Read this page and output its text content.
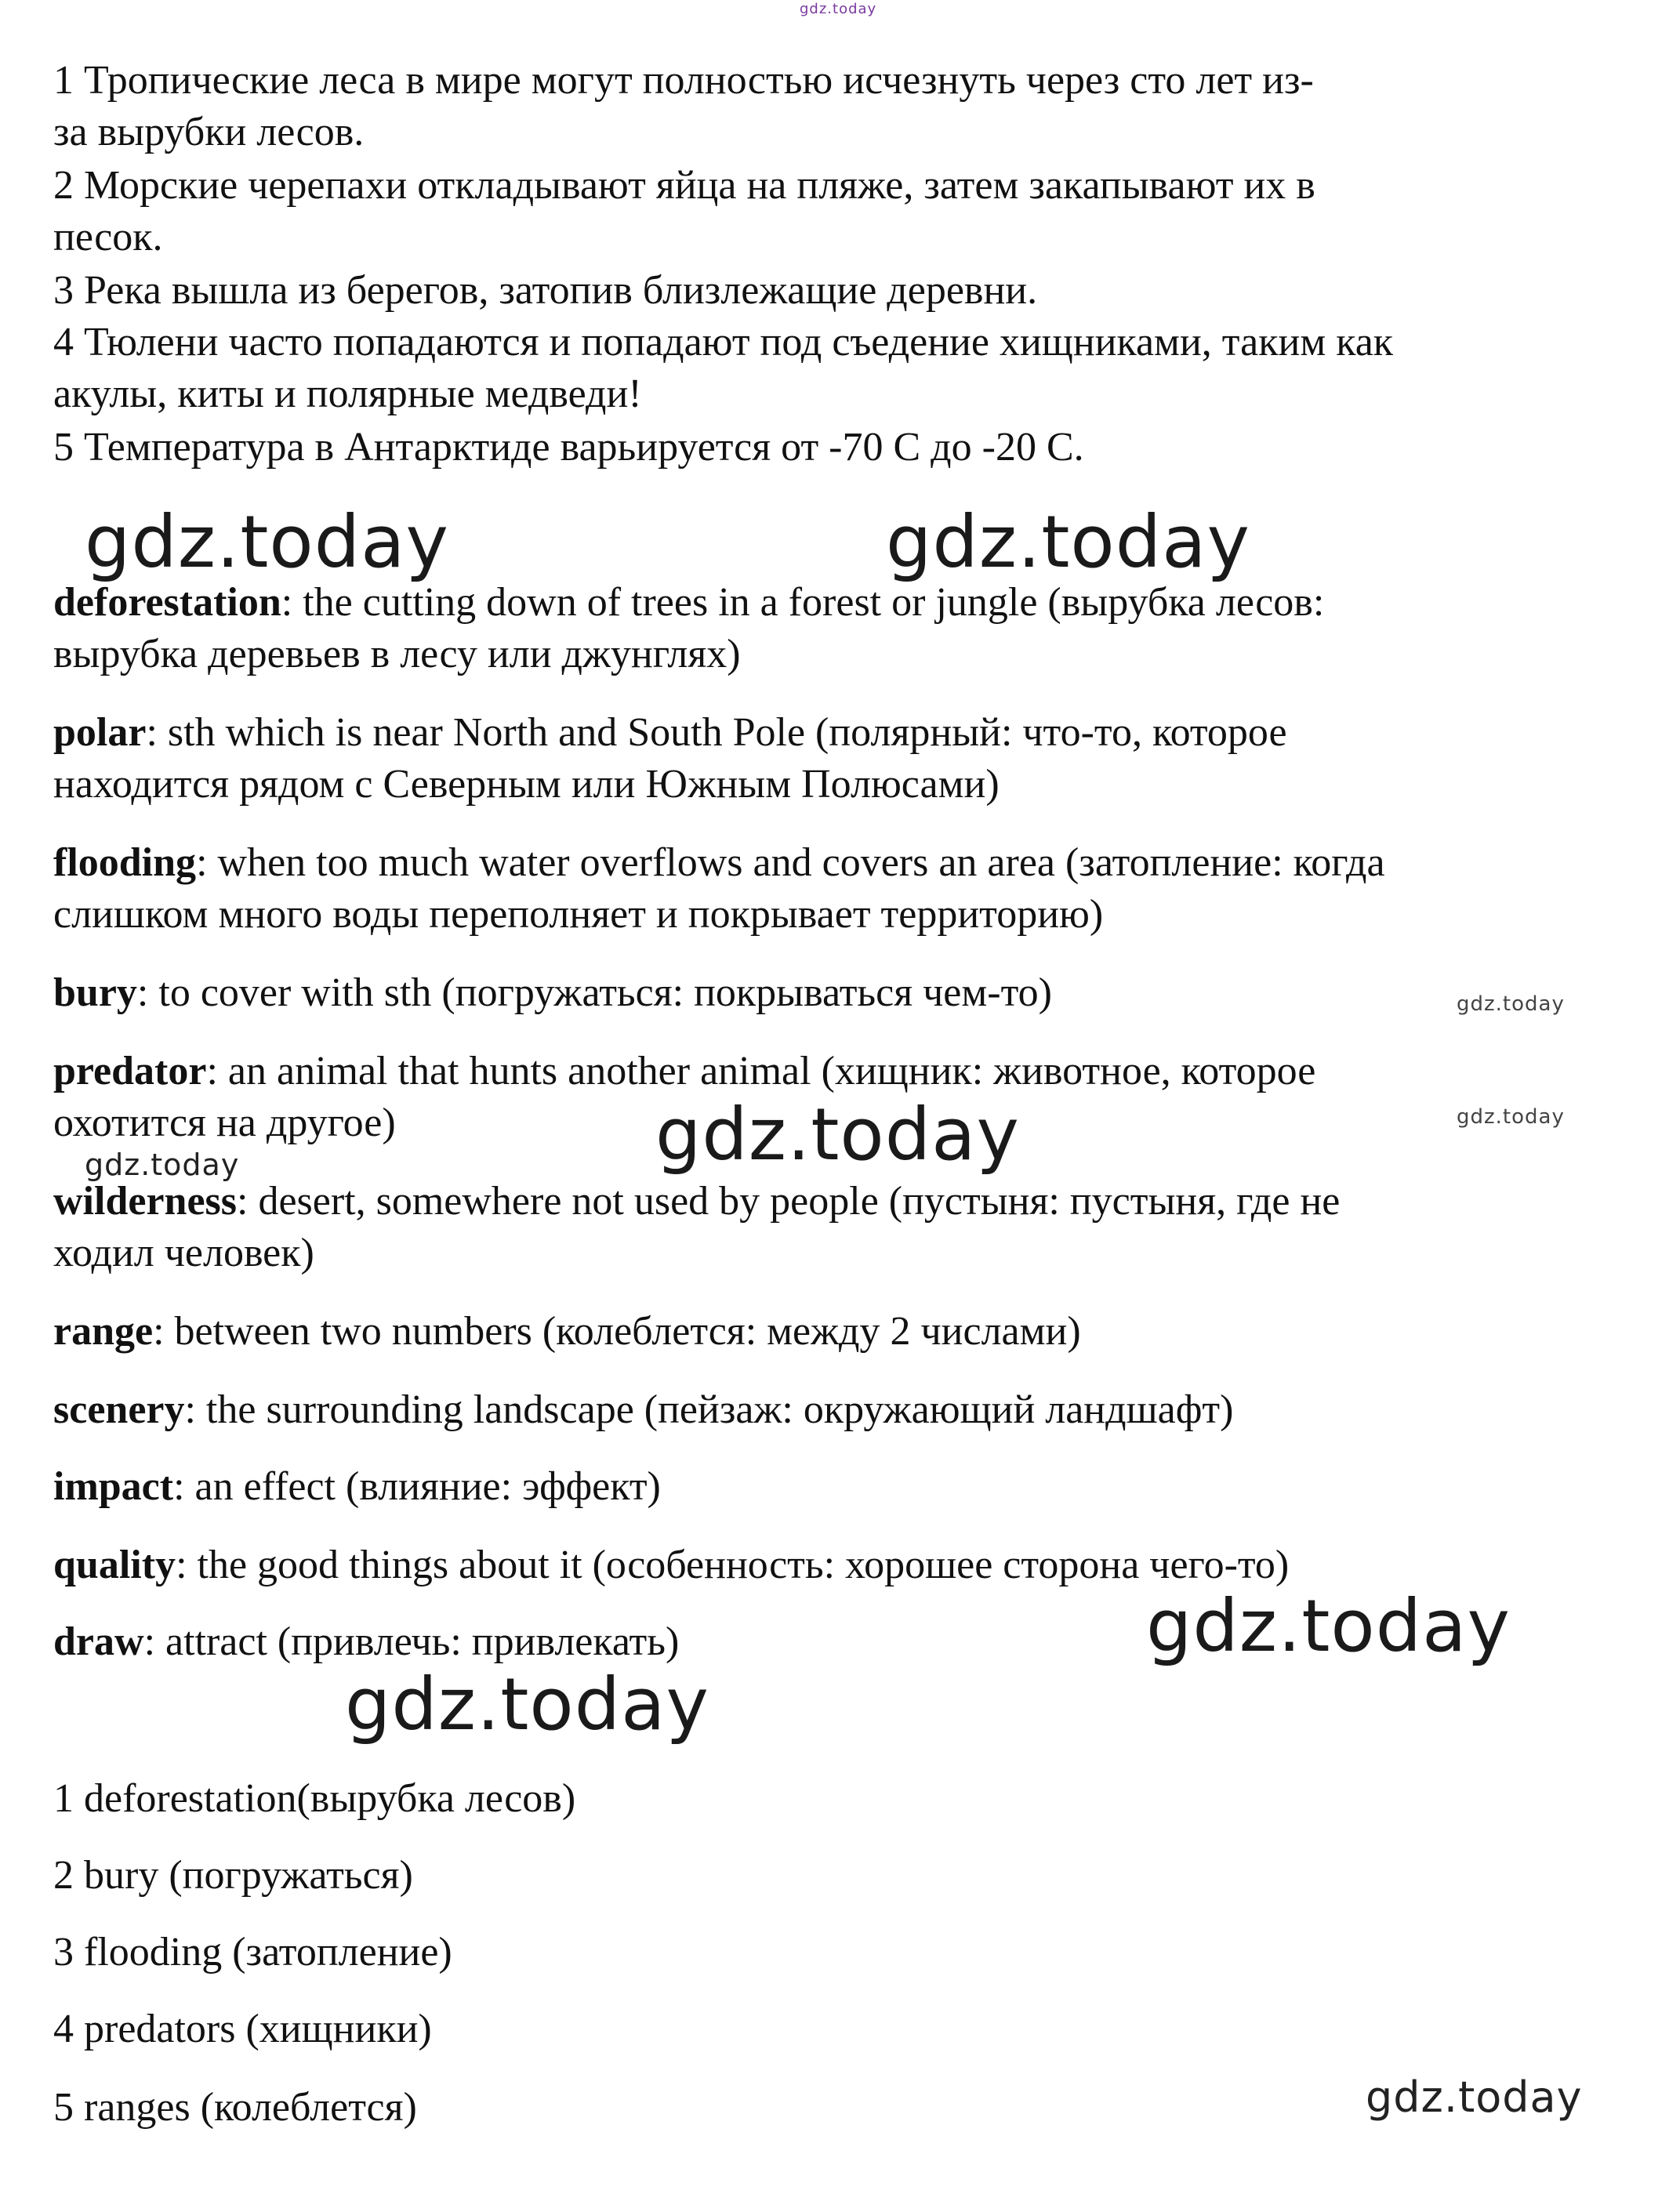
gdz.today
gdz.today	gdz.today
gdz.today
gdz.today
gdz.today
gdz.today
gdz.today
gdz.today
gdz.today

1 Тропические леса в мире могут полностью исчезнуть через сто лет из-

за вырубки лесов.

2 Морские черепахи откладывают яйца на пляже, затем закапывают их в

песок.

3 Река вышла из берегов, затопив близлежащие деревни.

4 Тюлени часто попадаются и попадают под съедение хищниками, таким как

акулы, киты и полярные медведи!

5 Температура в Антарктиде варьируется от -70 C до -20 C.

deforestation: the cutting down of trees in a forest or jungle (вырубка лесов:

вырубка деревьев в лесу или джунглях)

polar: sth which is near North and South Pole (полярный: что-то, которое

находится рядом с Северным или Южным Полюсами)

flooding: when too much water overflows and covers an area (затопление: когда

слишком много воды переполняет и покрывает территорию)

bury: to cover with sth (погружаться: покрываться чем-то)

predator: an animal that hunts another animal (хищник: животное, которое

охотится на другое)

wilderness: desert, somewhere not used by people (пустыня: пустыня, где не

ходил человек)

range: between two numbers (колеблется: между 2 числами)

scenery: the surrounding landscape (пейзаж: окружающий ландшафт)

impact: an effect (влияние: эффект)

quality: the good things about it (особенность: хорошее сторона чего-то)

draw: attract (привлечь: привлекать)

1 deforestation(вырубка лесов)

2 bury (погружаться)

3 flooding (затопление)

4 predators (хищники)

5 ranges (колеблется)
